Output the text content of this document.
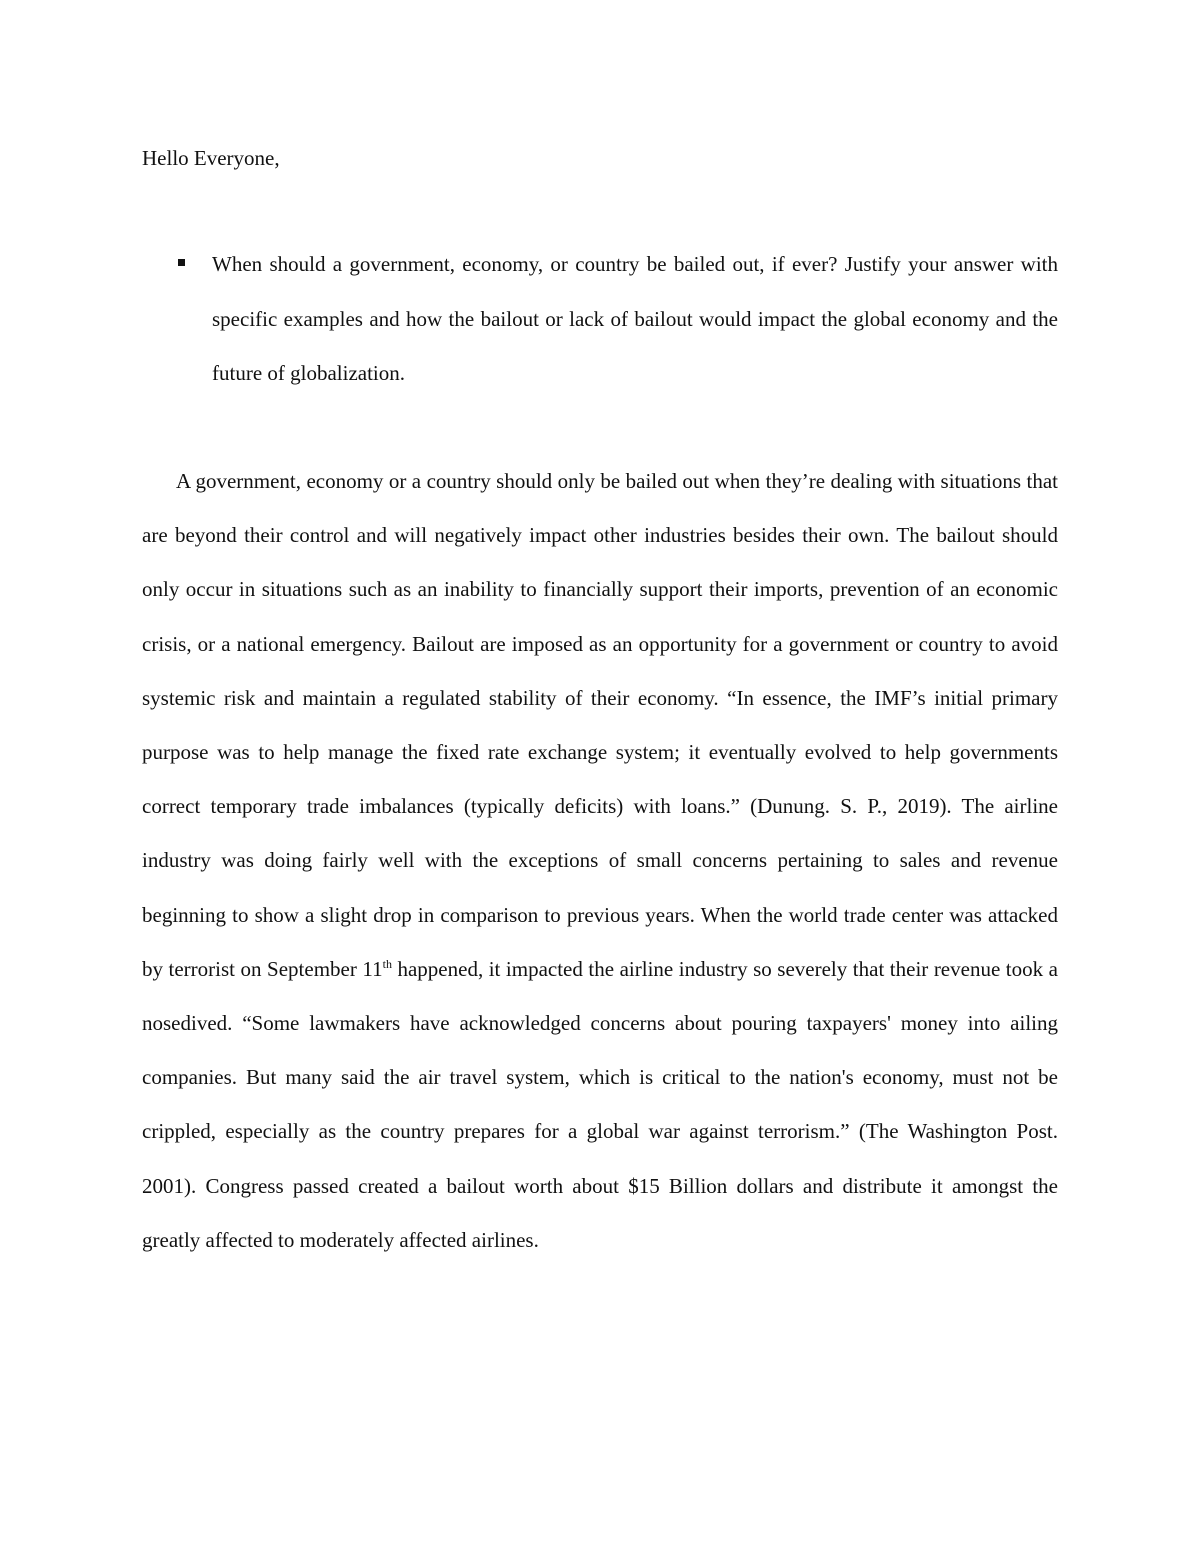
Hello Everyone,

When should a government, economy, or country be bailed out, if ever? Justify your answer with specific examples and how the bailout or lack of bailout would impact the global economy and the future of globalization.

A government, economy or a country should only be bailed out when they’re dealing with situations that are beyond their control and will negatively impact other industries besides their own. The bailout should only occur in situations such as an inability to financially support their imports, prevention of an economic crisis, or a national emergency. Bailout are imposed as an opportunity for a government or country to avoid systemic risk and maintain a regulated stability of their economy. “In essence, the IMF’s initial primary purpose was to help manage the fixed rate exchange system; it eventually evolved to help governments correct temporary trade imbalances (typically deficits) with loans.” (Dunung. S. P., 2019). The airline industry was doing fairly well with the exceptions of small concerns pertaining to sales and revenue beginning to show a slight drop in comparison to previous years. When the world trade center was attacked by terrorist on September 11th happened, it impacted the airline industry so severely that their revenue took a nosedived. “Some lawmakers have acknowledged concerns about pouring taxpayers' money into ailing companies. But many said the air travel system, which is critical to the nation's economy, must not be crippled, especially as the country prepares for a global war against terrorism.” (The Washington Post. 2001). Congress passed created a bailout worth about $15 Billion dollars and distribute it amongst the greatly affected to moderately affected airlines.
